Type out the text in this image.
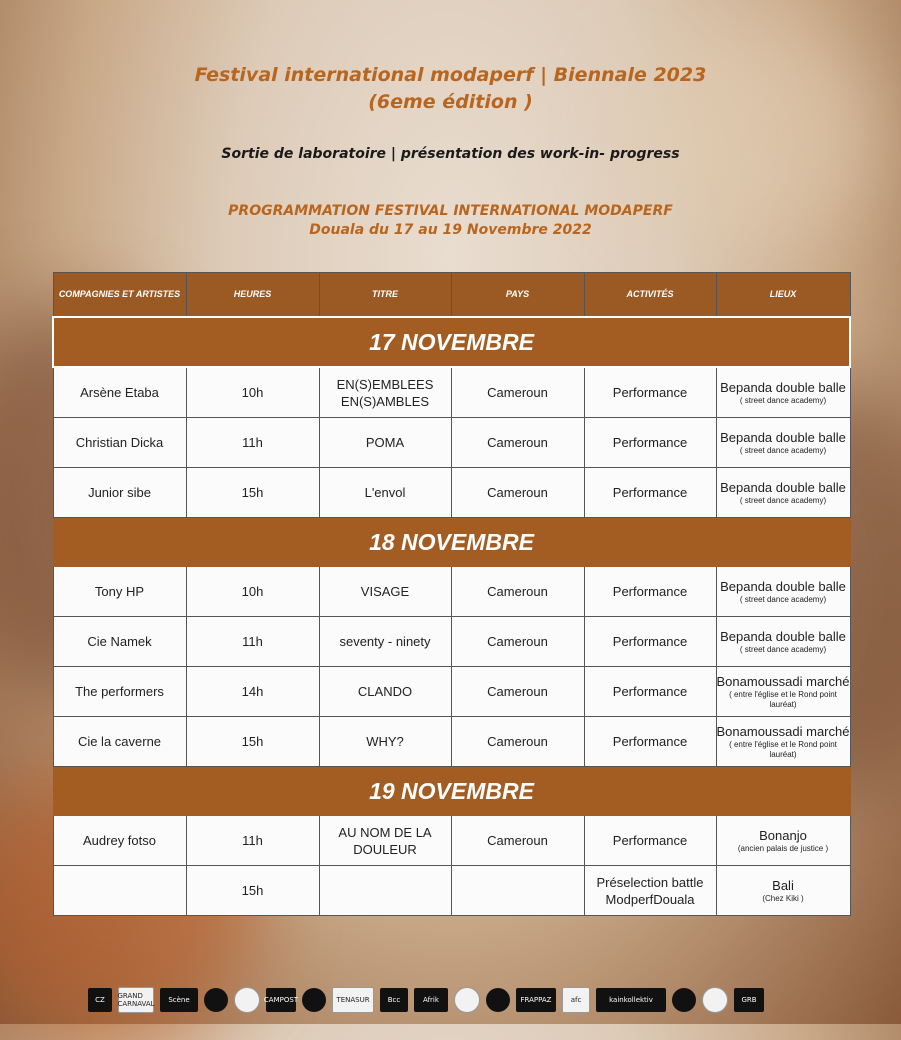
Festival international modaperf | Biennale 2023
(6eme édition )
Sortie de laboratoire | présentation des work-in- progress
PROGRAMMATION FESTIVAL INTERNATIONAL MODAPERF
Douala du 17 au 19 Novembre 2022
COMPAGNIES ET ARTISTES	HEURES	TITRE	PAYS	ACTIVITÉS	LIEUX
17 NOVEMBRE					
Arsène Etaba	10h	EN(S)EMBLEES EN(S)AMBLES	Cameroun	Performance	Bepanda double balle
( street dance academy)

Christian Dicka	11h	POMA	Cameroun	Performance	Bepanda double balle
( street dance academy)

Junior sibe	15h	L'envol	Cameroun	Performance	Bepanda double balle
( street dance academy)

18 NOVEMBRE					
Tony HP	10h	VISAGE	Cameroun	Performance	Bepanda double balle
( street dance academy)

Cie Namek	11h	seventy - ninety	Cameroun	Performance	Bepanda double balle
( street dance academy)

The performers	14h	CLANDO	Cameroun	Performance	Bonamoussadi marché
( entre l'église et le Rond point lauréat)

Cie la caverne	15h	WHY?	Cameroun	Performance	Bonamoussadi marché
( entre l'église et le Rond point lauréat)

19 NOVEMBRE					
Audrey fotso	11h	AU NOM DE LA DOULEUR	Cameroun	Performance	Bonanjo
(ancien palais de justice )

	15h			Préselection battle ModperfDouala	Bali
(Chez Kiki )
CZ	GRAND CARNAVAL	Scène	CAMPOST	TENASUR	Bcc	Afrik	FRAPPAZ	afc	kainkollektiv	GRB
